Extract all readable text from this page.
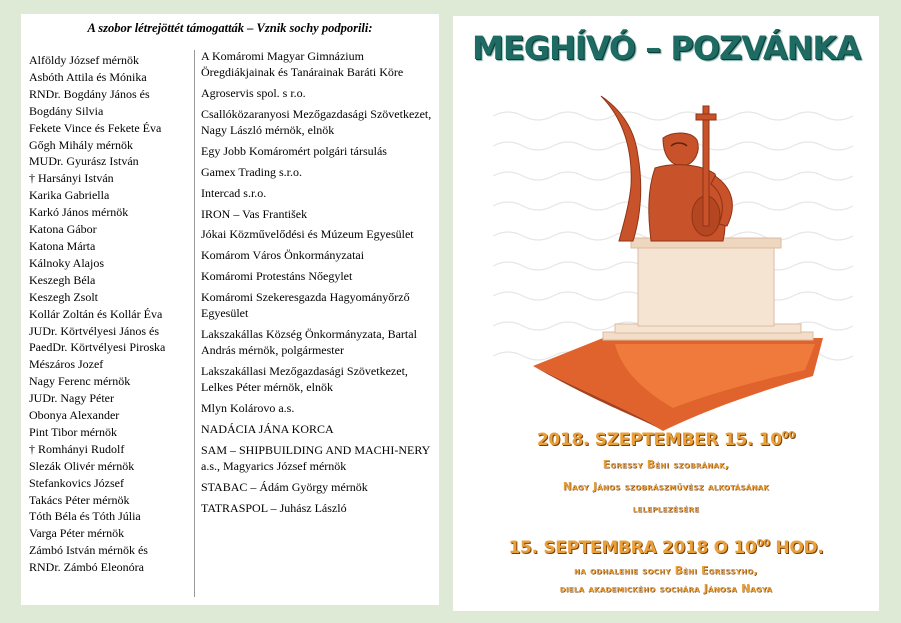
A szobor létrejöttét támogatták – Vznik sochy podporili:
Alföldy József mérnök
Asbóth Attila és Mónika
RNDr. Bogdány János és
Bogdány Silvia
Fekete Vince és Fekete Éva
Gőgh Mihály mérnök
MUDr. Gyurász István
† Harsányi István
Karika Gabriella
Karkó János mérnök
Katona Gábor
Katona Márta
Kálnoky Alajos
Keszegh Béla
Keszegh Zsolt
Kollár Zoltán és Kollár Éva
JUDr. Körtvélyesi János és
PaedDr. Körtvélyesi Piroska
Mészáros Jozef
Nagy Ferenc mérnök
JUDr. Nagy Péter
Obonya Alexander
Pint Tibor mérnök
† Romhányi Rudolf
Slezák Olivér mérnök
Stefankovics József
Takács Péter mérnök
Tóth Béla és Tóth Júlia
Varga Péter mérnök
Zámbó István mérnök és
RNDr. Zámbó Eleonóra
A Komáromi Magyar Gimnázium Öregdiákjainak és Tanárainak Baráti Köre
Agroservis spol. s r.o.
Csallóközaranyosi Mezőgazdasági Szövetkezet, Nagy László mérnök, elnök
Egy Jobb Komáromért polgári társulás
Gamex Trading s.r.o.
Intercad s.r.o.
IRON – Vas František
Jókai Közművelődési és Múzeum Egyesület
Komárom Város Önkormányzatai
Komáromi Protestáns Nőegylet
Komáromi Szekeresgazda Hagyományőrző Egyesület
Lakszakállas Község Önkormányzata, Bartal András mérnök, polgármester
Lakszakállasi Mezőgazdasági Szövetkezet, Lelkes Péter mérnök, elnök
Mlyn Kolárovo a.s.
NADÁCIA JÁNA KORCA
SAM – SHIPBUILDING AND MACHI-NERY a.s., Magyarics József mérnök
STABAC – Ádám György mérnök
TATRASPOL – Juhász László
MEGHÍVÓ – POZVÁNKA
2018. SZEPTEMBER 15. $10^{00}$
Egressy Béni szobrának,
Nagy János szobrászművész alkotásának
leleplezésére
15. SEPTEMBRA 2018 O $10^{00}$ HOD.
na odhalenie sochy Béni Egressyho,
diela akademického sochára Jánosa Nagya
